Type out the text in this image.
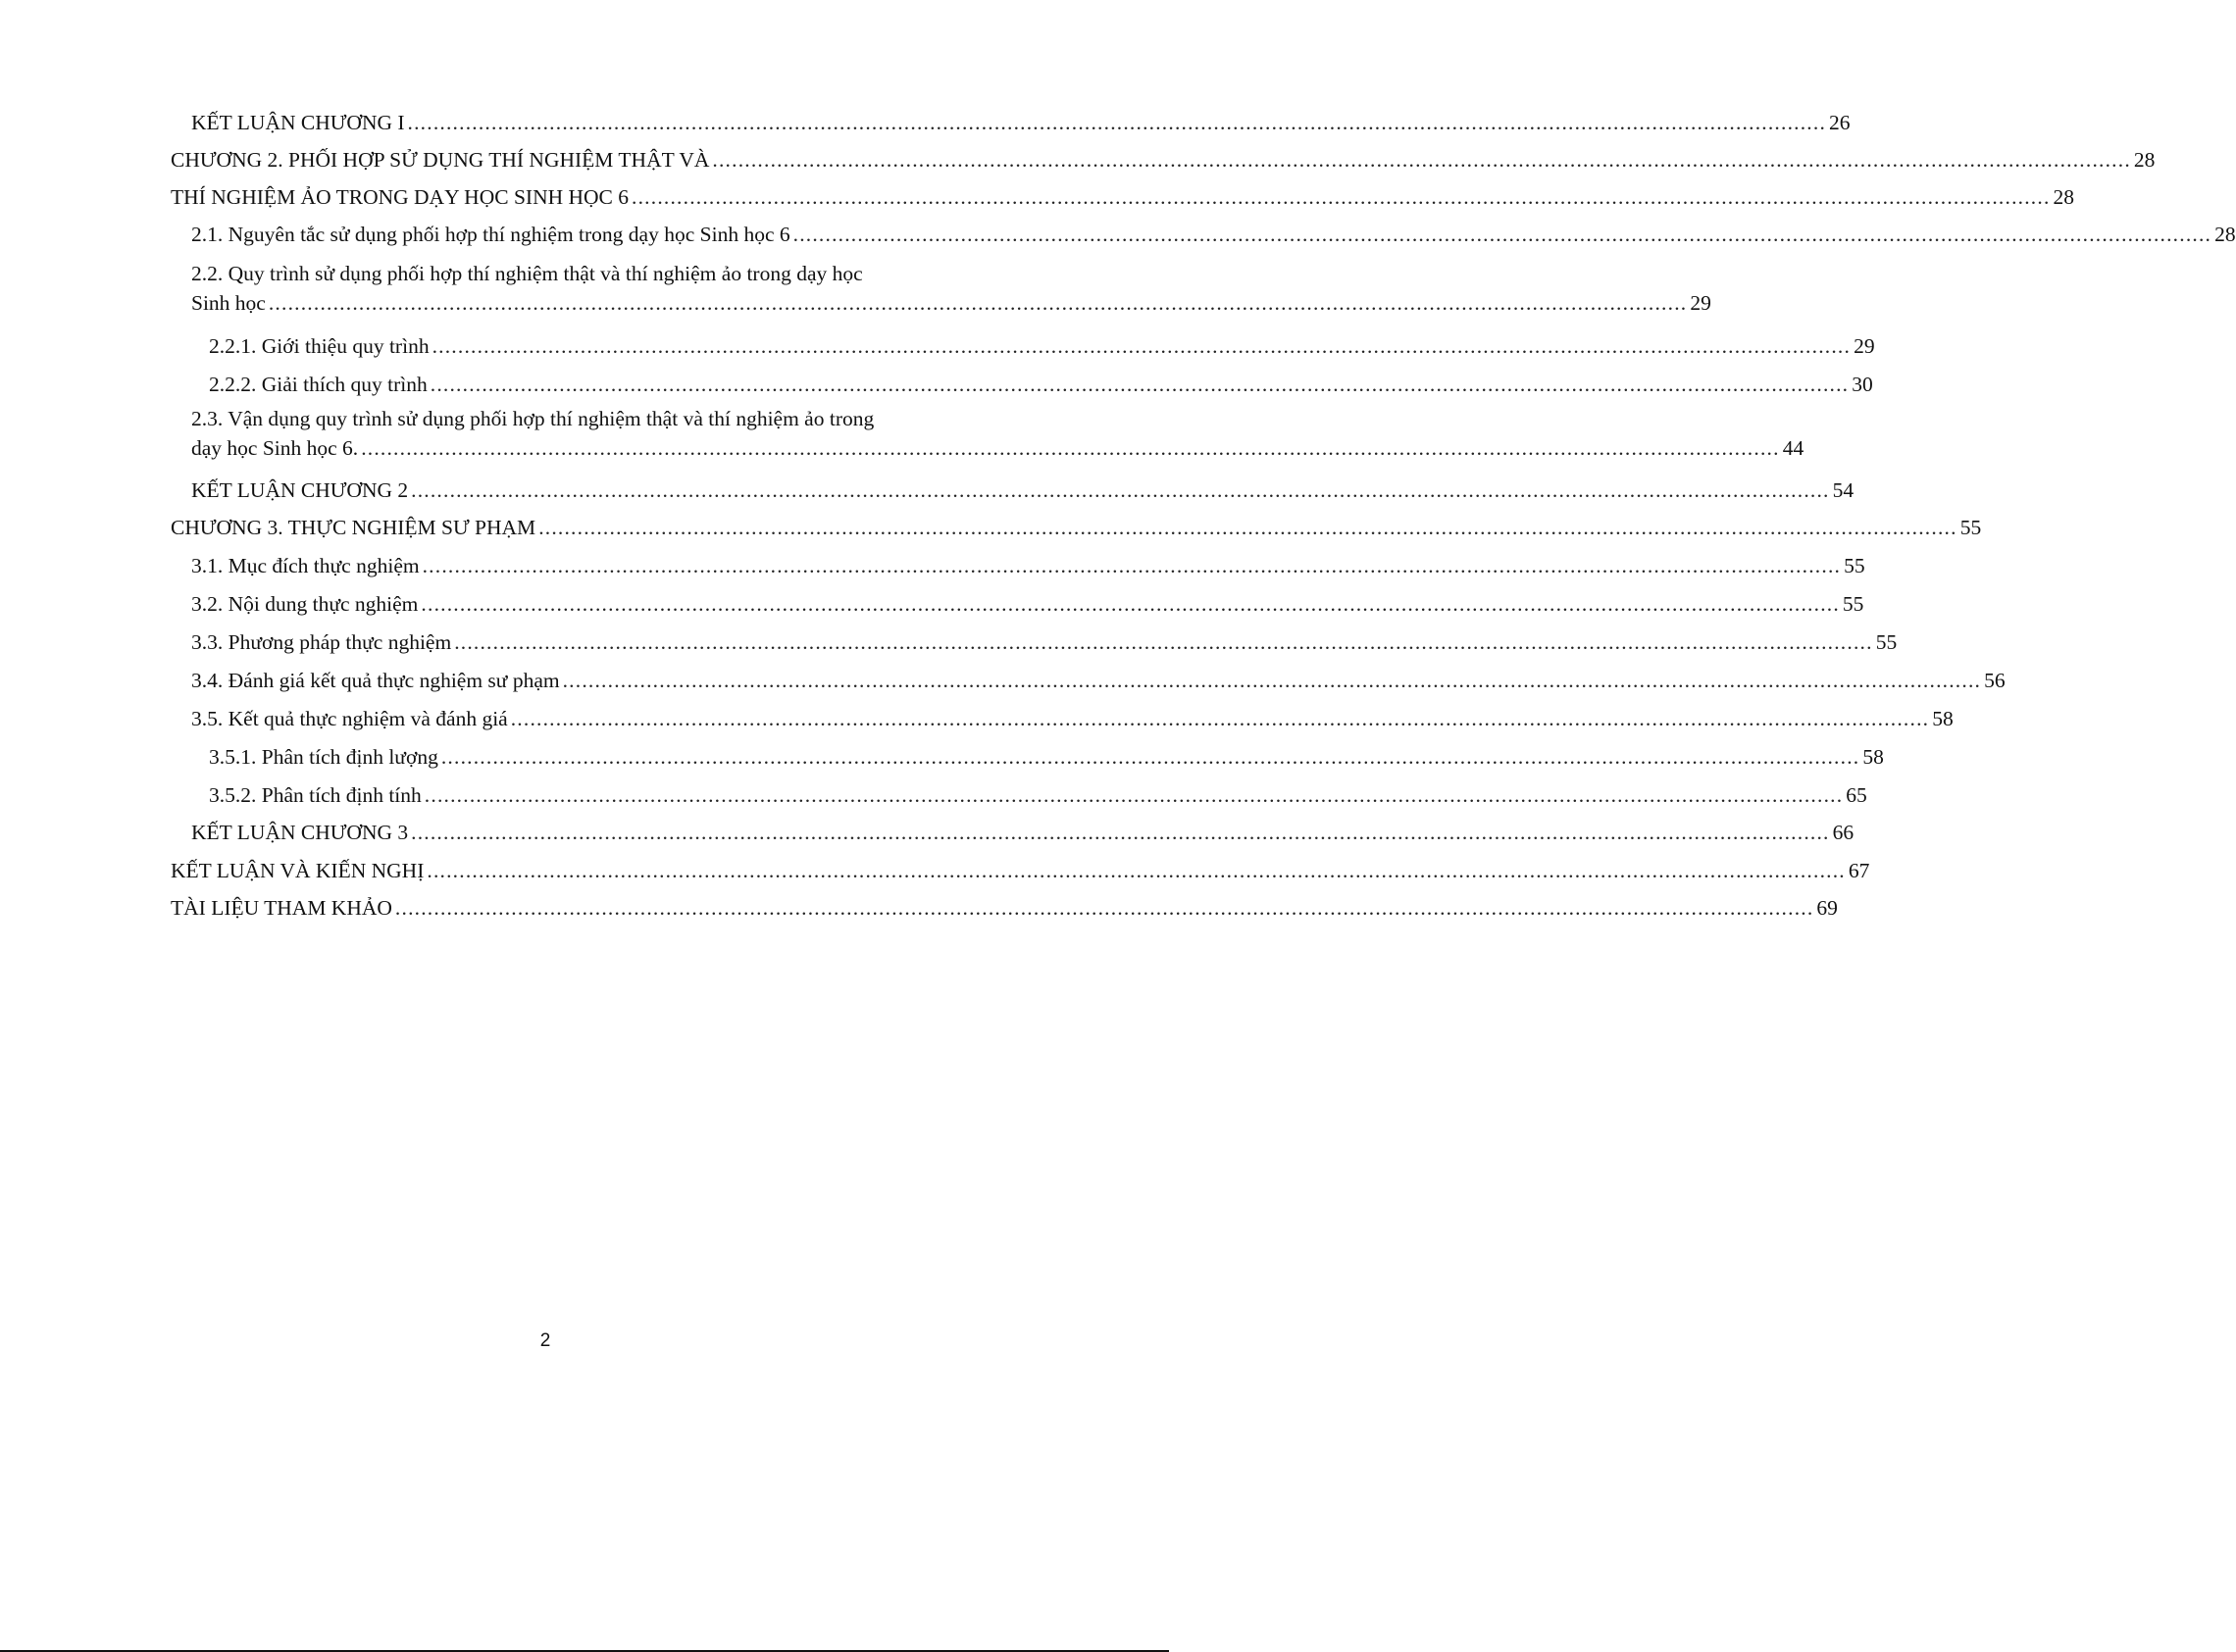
KẾT LUẬN CHƯƠNG I ............................................................................................................................................................................................................................ 26
CHƯƠNG 2. PHỐI HỢP SỬ DỤNG THÍ NGHIỆM THẬT VÀ ............................................................................................................................................................................................................................ 28
THÍ NGHIỆM ẢO TRONG DẠY HỌC SINH HỌC 6 ............................................................................................................................................................................................................................ 28
2.1. Nguyên tắc sử dụng phối hợp thí nghiệm trong dạy học Sinh học 6 ............................................................................................................................................................................................................................ 28
2.2. Quy trình sử dụng phối hợp thí nghiệm thật và thí nghiệm ảo trong dạy học
Sinh học ............................................................................................................................................................................................................................ 29
2.2.1. Giới thiệu quy trình ............................................................................................................................................................................................................................ 29
2.2.2. Giải thích quy trình ............................................................................................................................................................................................................................ 30
2.3. Vận dụng quy trình sử dụng phối hợp thí nghiệm thật và thí nghiệm ảo trong
dạy học Sinh học 6. ............................................................................................................................................................................................................................ 44
KẾT LUẬN CHƯƠNG 2 ............................................................................................................................................................................................................................ 54
CHƯƠNG 3. THỰC NGHIỆM SƯ PHẠM ............................................................................................................................................................................................................................ 55
3.1. Mục đích thực nghiệm ............................................................................................................................................................................................................................ 55
3.2. Nội dung thực nghiệm ............................................................................................................................................................................................................................ 55
3.3. Phương pháp thực nghiệm ............................................................................................................................................................................................................................ 55
3.4. Đánh giá kết quả thực nghiệm sư phạm ............................................................................................................................................................................................................................ 56
3.5. Kết quả thực nghiệm và đánh giá ............................................................................................................................................................................................................................ 58
3.5.1. Phân tích định lượng ............................................................................................................................................................................................................................ 58
3.5.2. Phân tích định tính ............................................................................................................................................................................................................................ 65
KẾT LUẬN CHƯƠNG 3 ............................................................................................................................................................................................................................ 66
KẾT LUẬN VÀ KIẾN NGHỊ ............................................................................................................................................................................................................................ 67
TÀI LIỆU THAM KHẢO ............................................................................................................................................................................................................................ 69
2
